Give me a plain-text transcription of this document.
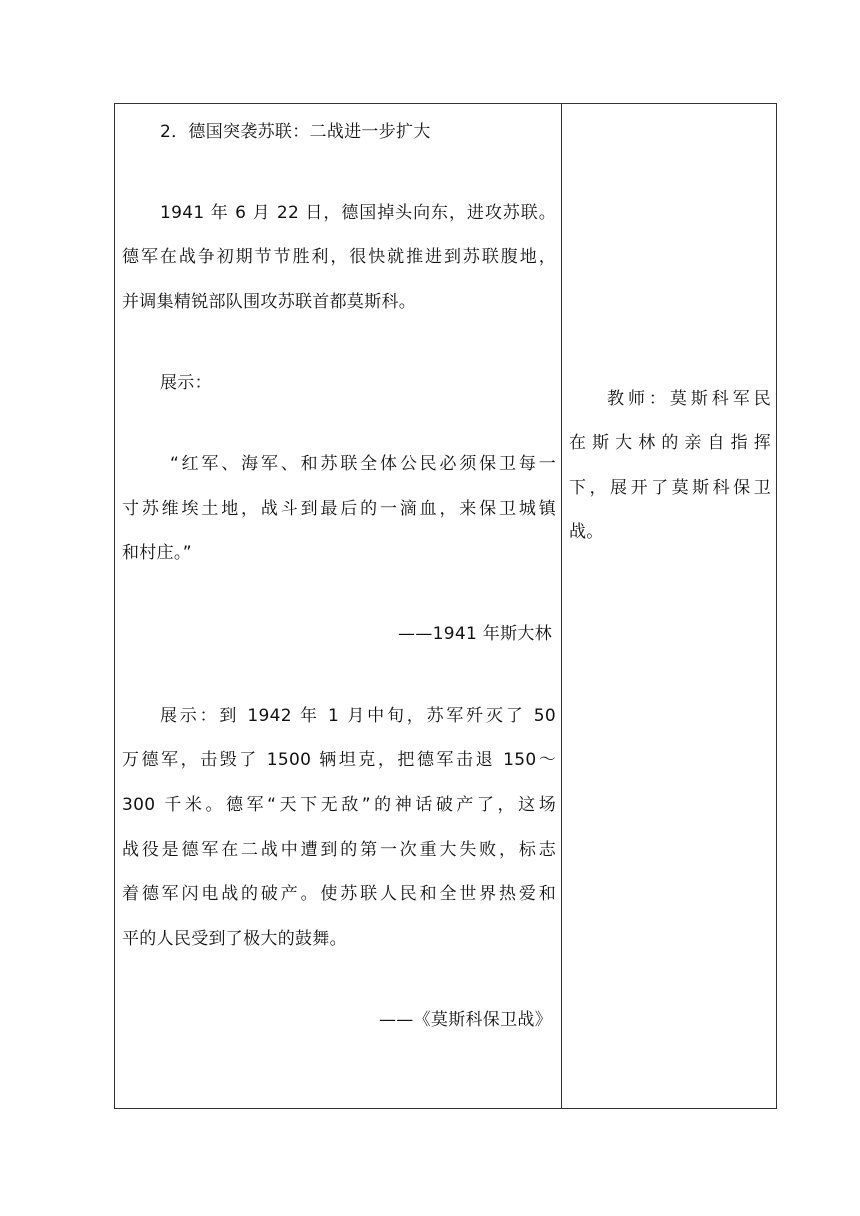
2．德国突袭苏联：二战进一步扩大
1941 年 6 月 22 日，德国掉头向东，进攻苏联。
德军在战争初期节节胜利，很快就推进到苏联腹地，
并调集精锐部队围攻苏联首都莫斯科。
展示：
“红军、海军、和苏联全体公民必须保卫每一
寸苏维埃土地，战斗到最后的一滴血，来保卫城镇
和村庄。”
——1941 年斯大林
展示：到 1942 年 1 月中旬，苏军歼灭了 50
万德军，击毁了 1500 辆坦克，把德军击退 150～
300 千米。德军“天下无敌”的神话破产了，这场
战役是德军在二战中遭到的第一次重大失败，标志
着德军闪电战的破产。使苏联人民和全世界热爱和
平的人民受到了极大的鼓舞。
——《莫斯科保卫战》
教师：莫斯科军民
在斯大林的亲自指挥
下，展开了莫斯科保卫
战。
